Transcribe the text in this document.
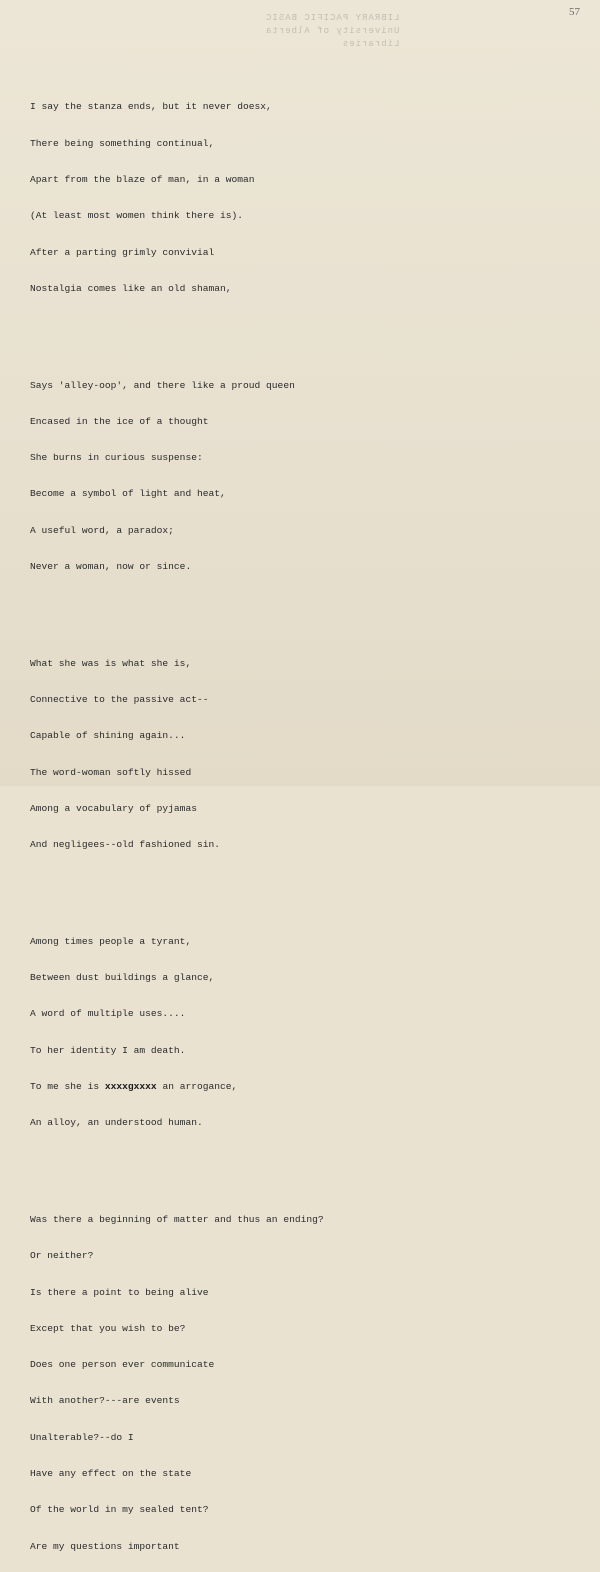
57
LIBRARY PACIFIC BASIC
University of Alberta
Libraries

I say the stanza ends, but it never doesx,

There being something continual,

Apart from the blaze of man, in a woman

(At least most women think there is).

After a parting grimly convivial

Nostalgia comes like an old shaman,

Says 'alley-oop', and there like a proud queen

Encased in the ice of a thought

She burns in curious suspense:

Become a symbol of light and heat,

A useful word, a paradox;

Never a woman, now or since.

What she was is what she is,

Connective to the passive act--

Capable of shining again...

The word-woman softly hissed

Among a vocabulary of pyjamas

And negligees--old fashioned sin.

Among times people a tyrant,

Between dust buildings a glance,

A word of multiple uses....

To her identity I am death.

To me she is xxxxgxxxx an arrogance,

An alloy, an understood human.

Was there a beginning of matter and thus an ending?

Or neither?

Is there a point to being alive

Except that you wish to be?

Does one person ever communicate

With another?---are events

Unalterable?--do I

Have any effect on the state

Of the world in my sealed tent?

Are my questions important
